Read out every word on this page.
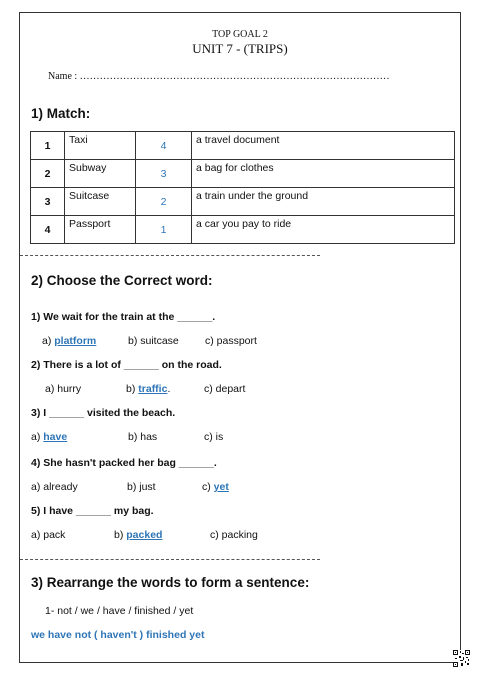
TOP GOAL 2
UNIT 7 - (TRIPS)
Name : …………………………………………………………………………………
1) Match:
1	Taxi	4	a travel document
2	Subway	3	a bag for clothes
3	Suitcase	2	a train under the ground
4	Passport	1	a car you pay to ride
2) Choose the Correct word:
1) We wait for the train at the ______.
a) platform	b) suitcase c) passport
2) There is a lot of ______ on the road.
a) hurry	b) traffic.	c) depart
3) I ______ visited the beach.
a) have	b) has	c) is
4) She hasn't packed her bag ______.
a) already	b) just	c) yet
5) I have ______ my bag.
a) pack	b) packed	c) packing
3) Rearrange the words to form a sentence:
1- not / we / have / finished / yet
we have not ( haven't ) finished yet
